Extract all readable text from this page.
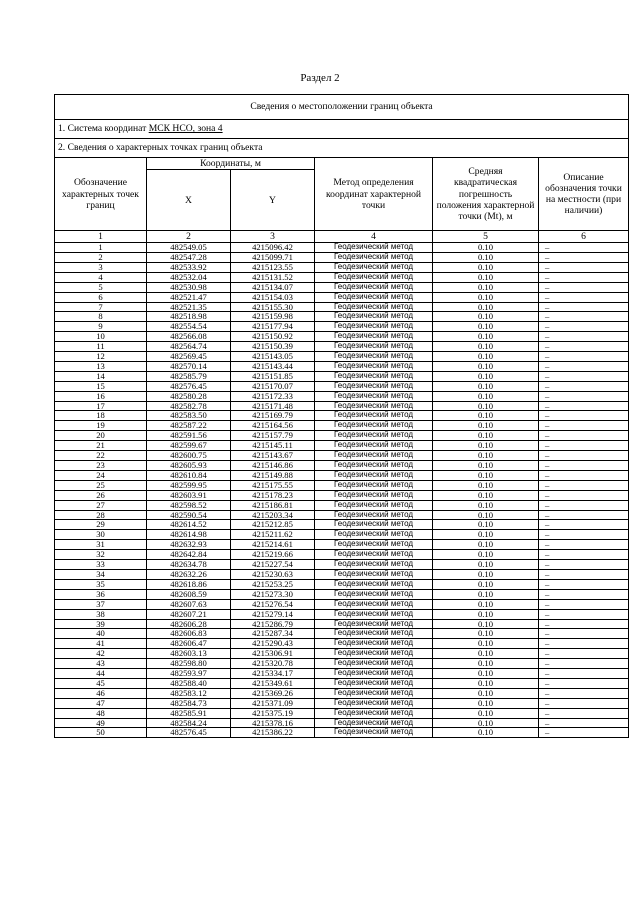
Раздел 2
Сведения о местоположении границ объекта					
1. Система координат МСК НСО, зона 4					
2. Сведения о характерных точках границ объекта					
Обозначение характерных точек границ	Координаты, м		Метод определения координат характерной точки	Средняя квадратическая погрешность положения характерной точки (Mt), м	Описание обозначения точки на местности (при наличии)
	X	Y			
1	2	3	4	5	6
1	482549.05	4215096.42	Геодезический метод	0.10	–
2	482547.28	4215099.71	Геодезический метод	0.10	–
3	482533.92	4215123.55	Геодезический метод	0.10	–
4	482532.04	4215131.52	Геодезический метод	0.10	–
5	482530.98	4215134.07	Геодезический метод	0.10	–
6	482521.47	4215154.03	Геодезический метод	0.10	–
7	482521.35	4215155.30	Геодезический метод	0.10	–
8	482518.98	4215159.98	Геодезический метод	0.10	–
9	482554.54	4215177.94	Геодезический метод	0.10	–
10	482566.08	4215150.92	Геодезический метод	0.10	–
11	482564.74	4215150.39	Геодезический метод	0.10	–
12	482569.45	4215143.05	Геодезический метод	0.10	–
13	482570.14	4215143.44	Геодезический метод	0.10	–
14	482585.79	4215151.85	Геодезический метод	0.10	–
15	482576.45	4215170.07	Геодезический метод	0.10	–
16	482580.28	4215172.33	Геодезический метод	0.10	–
17	482582.78	4215171.48	Геодезический метод	0.10	–
18	482583.50	4215169.79	Геодезический метод	0.10	–
19	482587.22	4215164.56	Геодезический метод	0.10	–
20	482591.56	4215157.79	Геодезический метод	0.10	–
21	482599.67	4215145.11	Геодезический метод	0.10	–
22	482600.75	4215143.67	Геодезический метод	0.10	–
23	482605.93	4215146.86	Геодезический метод	0.10	–
24	482610.84	4215149.88	Геодезический метод	0.10	–
25	482599.95	4215175.55	Геодезический метод	0.10	–
26	482603.91	4215178.23	Геодезический метод	0.10	–
27	482598.52	4215186.81	Геодезический метод	0.10	–
28	482590.54	4215203.34	Геодезический метод	0.10	–
29	482614.52	4215212.85	Геодезический метод	0.10	–
30	482614.98	4215211.62	Геодезический метод	0.10	–
31	482632.93	4215214.61	Геодезический метод	0.10	–
32	482642.84	4215219.66	Геодезический метод	0.10	–
33	482634.78	4215227.54	Геодезический метод	0.10	–
34	482632.26	4215230.63	Геодезический метод	0.10	–
35	482618.86	4215253.25	Геодезический метод	0.10	–
36	482608.59	4215273.30	Геодезический метод	0.10	–
37	482607.63	4215276.54	Геодезический метод	0.10	–
38	482607.21	4215279.14	Геодезический метод	0.10	–
39	482606.28	4215286.79	Геодезический метод	0.10	–
40	482606.83	4215287.34	Геодезический метод	0.10	–
41	482606.47	4215290.43	Геодезический метод	0.10	–
42	482603.13	4215306.91	Геодезический метод	0.10	–
43	482598.80	4215320.78	Геодезический метод	0.10	–
44	482593.97	4215334.17	Геодезический метод	0.10	–
45	482588.40	4215349.61	Геодезический метод	0.10	–
46	482583.12	4215369.26	Геодезический метод	0.10	–
47	482584.73	4215371.09	Геодезический метод	0.10	–
48	482585.91	4215375.19	Геодезический метод	0.10	–
49	482584.24	4215378.16	Геодезический метод	0.10	–
50	482576.45	4215386.22	Геодезический метод	0.10	–
